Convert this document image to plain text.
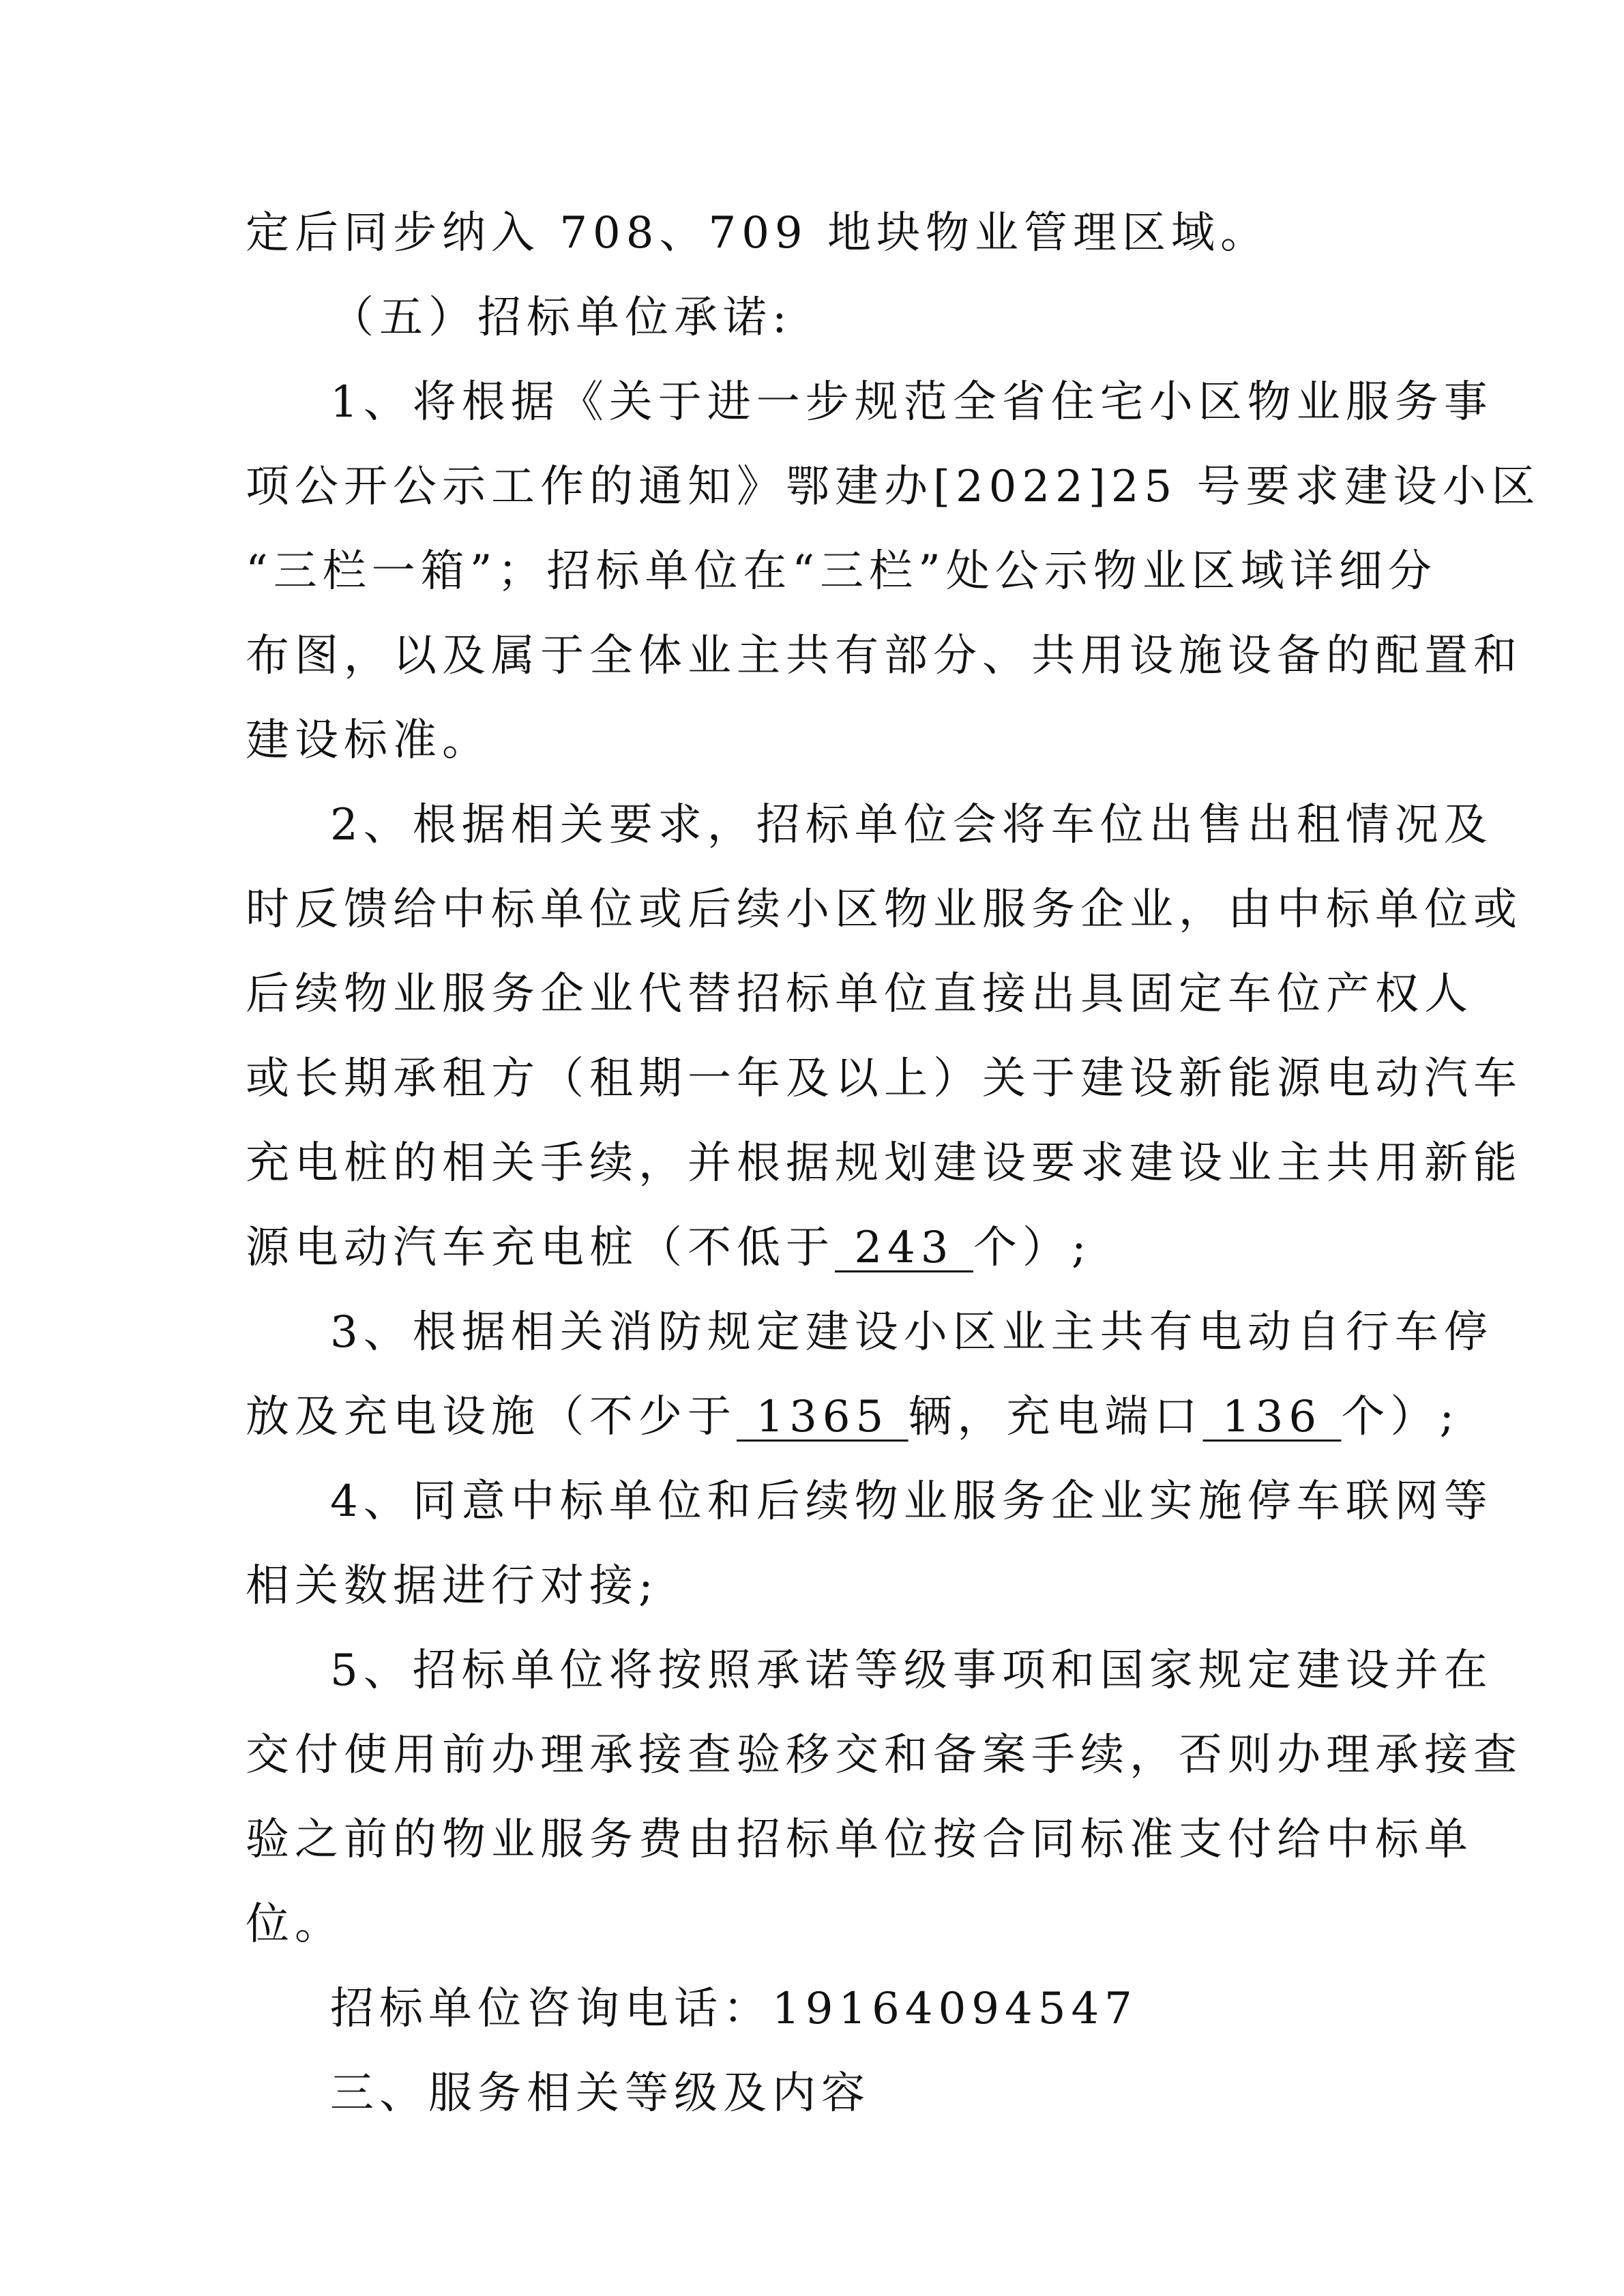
定后同步纳入 708、709 地块物业管理区域。
（五）招标单位承诺:
1、将根据《关于进一步规范全省住宅小区物业服务事
项公开公示工作的通知》鄂建办[2022]25 号要求建设小区
“三栏一箱”；招标单位在“三栏”处公示物业区域详细分
布图，以及属于全体业主共有部分、共用设施设备的配置和
建设标准。
2、根据相关要求，招标单位会将车位出售出租情况及
时反馈给中标单位或后续小区物业服务企业，由中标单位或
后续物业服务企业代替招标单位直接出具固定车位产权人
或长期承租方（租期一年及以上）关于建设新能源电动汽车
充电桩的相关手续，并根据规划建设要求建设业主共用新能
源电动汽车充电桩（不低于 243 个）;
3、根据相关消防规定建设小区业主共有电动自行车停
放及充电设施（不少于 1365 辆，充电端口 136 个）;
4、同意中标单位和后续物业服务企业实施停车联网等
相关数据进行对接;
5、招标单位将按照承诺等级事项和国家规定建设并在
交付使用前办理承接查验移交和备案手续，否则办理承接查
验之前的物业服务费由招标单位按合同标准支付给中标单
位。
招标单位咨询电话：19164094547
三、服务相关等级及内容
